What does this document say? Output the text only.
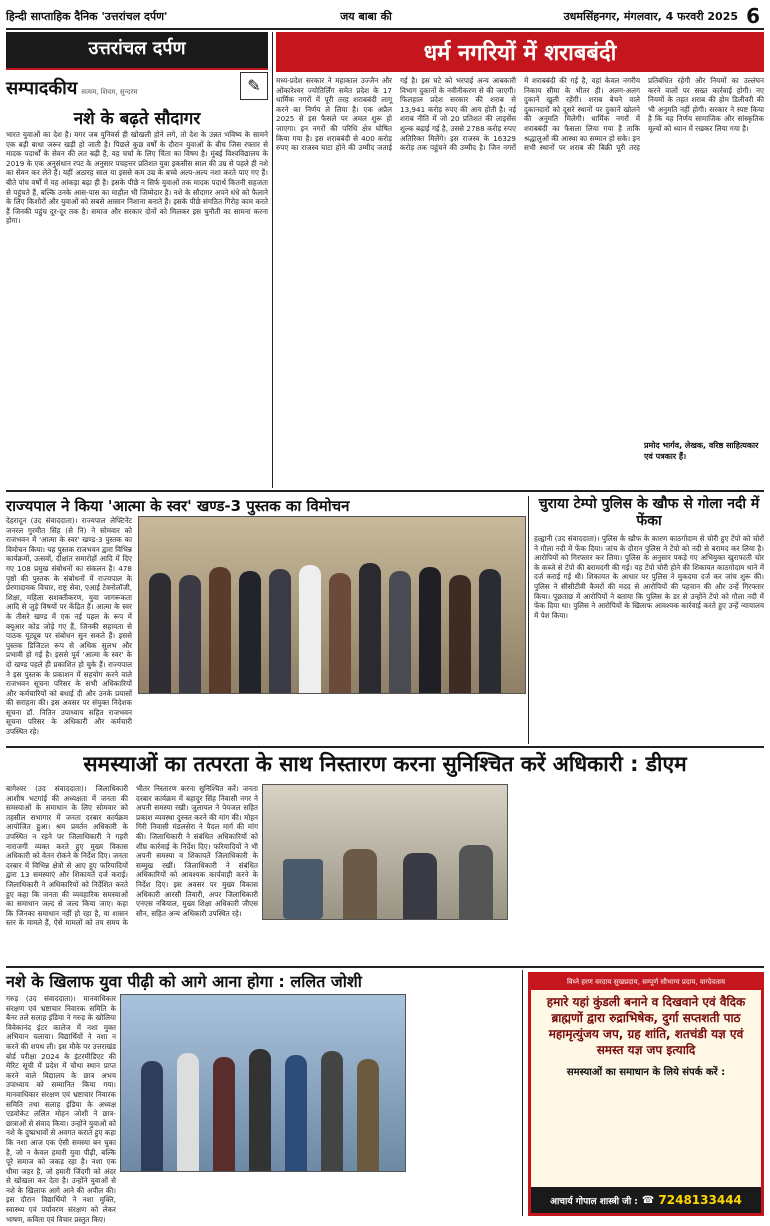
हिन्दी साप्ताहिक दैनिक 'उत्तरांचल दर्पण'	जय बाबा की	उधमसिंहनगर, मंगलवार, 4 फरवरी 2025 6
उत्तरांचल दर्पण
सम्पादकीय सत्यम, शिवम, सुन्दरम	✎
नशे के बढ़ते सौदागर
भारत युवाओं का देश है। मगर जब युनिवर्स ही खोखली होने लगे, तो देश के उन्नत भविष्य के सामने एक बड़ी बाधा जरूर खड़ी हो जाती है। पिछले कुछ वर्षों के दौरान युवाओं के बीच जिस रफ्तार से मादक पदार्थों के सेवन की लत बढ़ी है, वह चर्चा के लिए चिंता का विषय है। मुंबई विश्वविद्यालय के 2019 के एक अनुसंधान रपट के अनुसार पचहत्तर प्रतिशत युवा इकसीस साल की उम्र से पहले ही नशे का सेवन कर लेते हैं। यहीं अठारह साल या इससे कम उम्र के बच्चे अल्प-अल्प नशा करते पाए गए हैं। बीते पांच वर्षों में यह आंकड़ा बढ़ा ही है। इसके पीछे न सिर्फ युवाओं तक मादक पदार्थ कितनी सहजता से पहुंचते हैं, बल्कि उनके आस-पास का माहौल भी जिम्मेदार है। नशे के सौदागर अपने धंधे को फैलाने के लिए किशोरों और युवाओं को सबसे आसान निशाना बनाते हैं। इसके पीछे संगठित गिरोह काम करते हैं जिनकी पहुंच दूर-दूर तक है। समाज और सरकार दोनों को मिलकर इस चुनौती का सामना करना होगा।
धर्म नगरियों में शराबबंदी
मध्य-प्रदेश सरकार ने महाकाल उज्जैन और ओंकारेश्वर ज्योतिर्लिंग समेत प्रदेश के 17 धार्मिक नगरों में पूरी तरह शराबबंदी लागू करने का निर्णय ले लिया है। एक अप्रैल 2025 से इस फैसले पर अमल शुरू हो जाएगा। इन नगरों की परिधि क्षेत्र घोषित किया गया है। इस शराबबंदी से 400 करोड़ रुपए का राजस्व घाटा होने की उम्मीद जताई गई है। इस घटे को भरपाई अन्य आबकारी विभाग दुकानों के नवीनीकरण से की जाएगी। फिलहाल प्रदेश सरकार की शराब से 13,941 करोड़ रुपए की आय होती है। नई शराब नीति में जो 20 प्रतिशत की लाइसेंस शुल्क बढ़ाई गई है, उससे 2788 करोड़ रुपए अतिरिक्त मिलेंगे। इस राजस्व के 16329 करोड़ तक पहुंचने की उम्मीद है। जिन नगरों में शराबबंदी की गई है, वहां केवल नगरीय निकाय सीमा के भीतर ही। अलग-अलग दुकानें खुली रहेंगी। शराब बेचने वाले दुकानदारों को दूसरे स्थानों पर दुकानें खोलने की अनुमति मिलेगी। धार्मिक नगरों में शराबबंदी का फैसला लिया गया है ताकि श्रद्धालुओं की आस्था का सम्मान हो सके। इन सभी स्थानों पर शराब की बिक्री पूरी तरह प्रतिबंधित रहेगी और नियमों का उल्लंघन करने वालों पर सख्त कार्रवाई होगी। नए नियमों के तहत शराब की होम डिलीवरी की भी अनुमति नहीं होगी। सरकार ने स्पष्ट किया है कि यह निर्णय सामाजिक और सांस्कृतिक मूल्यों को ध्यान में रखकर लिया गया है।
प्रमोद भार्गव, लेखक, वरिष्ठ साहित्यकार एवं पत्रकार हैं।
राज्यपाल ने किया 'आत्मा के स्वर' खण्ड-3 पुस्तक का विमोचन
देहरादून (उद संवाददाता)। राज्यपाल लेफ्टिनेंट जनरल गुरमीत सिंह (से नि) ने सोमवार को राजभवन में 'आत्मा के स्वर' खण्ड-3 पुस्तक का विमोचन किया। यह पुस्तक राजभवन द्वारा विभिन्न कार्यक्रमों, उत्सवों, दीक्षांत समारोहों आदि में दिए गए 108 प्रमुख संबोधनों का संकलन है। 478 पृष्ठों की पुस्तक के संबोधनों में राज्यपाल के प्रेरणादायक विचार, राष्ट्र सेवा, एआई टेक्नोलॉजी, शिक्षा, महिला सशक्तीकरण, युवा जागरूकता आदि से जुड़े विषयों पर केंद्रित हैं। आत्मा के स्वर के तीसरे खण्ड में एक नई पहल के रूप में क्यूआर कोड जोड़े गए हैं, जिनकी सहायता से पाठक यूट्यूब पर संबोधन सुन सकते हैं। इससे पुस्तक डिजिटल रूप से अधिक सुलभ और प्रभावी हो गई है। इससे पूर्व 'आत्मा के स्वर' के दो खण्ड पहले ही प्रकाशित हो चुके हैं। राज्यपाल ने इस पुस्तक के प्रकाशन में सहयोग करने वाले राजभवन सूचना परिसर के सभी अधिकारियों और कर्मचारियों को बधाई दी और उनके प्रयासों की सराहना की। इस अवसर पर संयुक्त निदेशक सूचना डॉ. नितिन उपाध्याय सहित राजभवन सूचना परिसर के अधिकारी और कर्मचारी उपस्थित रहे।
चुराया टेम्पो पुलिस के खौफ से गोला नदी में फेंका
हल्द्वानी (उद संवाददाता)। पुलिस के खौफ के कारण काठगोदाम से चोरी हुए टेंपो को चोरों ने गौला नदी में फेंक दिया। जांच के दौरान पुलिस ने टेंपो को नदी से बरामद कर लिया है। आरोपियों को गिरफ्तार कर लिया। पुलिस के अनुसार पकड़े गए अभियुक्त खुराफाती चोर के कब्जे से टेंपो की बरामदगी की गई। यह टेंपो चोरी होने की शिकायत काठगोदाम थाने में दर्ज कराई गई थी। शिकायत के आधार पर पुलिस ने मुकदमा दर्ज कर जांच शुरू की। पुलिस ने सीसीटीवी कैमरों की मदद से आरोपियों की पहचान की और उन्हें गिरफ्तार किया। पूछताछ में आरोपियों ने बताया कि पुलिस के डर से उन्होंने टेंपो को गौला नदी में फेंक दिया था। पुलिस ने आरोपियों के खिलाफ आवश्यक कार्रवाई करते हुए उन्हें न्यायालय में पेश किया।
समस्याओं का तत्परता के साथ निस्तारण करना सुनिश्चित करें अधिकारी : डीएम
बागेश्वर (उद संवाददाता)। जिलाधिकारी आशीष भटगांई की अध्यक्षता में जनता की समस्याओं के समाधान के लिए सोमवार को तहसील सभागार में जनता दरबार कार्यक्रम आयोजित हुआ। श्रम प्रवर्तन अधिकारी के उपस्थित न रहने पर जिलाधिकारी ने गहरी नाराजगी व्यक्त करते हुए मुख्य विकास अधिकारी को वेतन रोकने के निर्देश दिए। जनता दरबार में विभिन्न क्षेत्रों से आए हुए फरियादियों द्वारा 13 समस्याएं और शिकायतें दर्ज कराई। जिलाधिकारी ने अधिकारियों को निर्देशित करते हुए कहा कि जनता की व्यवहारिक समस्याओं का समाधान जल्द से जल्द किया जाए। कहा कि जिनका समाधान नहीं हो रहा है, या शासन स्तर के मामले हैं, ऐसे मामलों को तय समय के भीतर निस्तारण करना सुनिश्चित करें। जनता दरबार कार्यक्रम में बहादुर सिंह निवासी नगर ने अपनी समस्या रखी। जुलायल ने पेयजल सहित प्रकाश व्यवस्था दुरुस्त करने की मांग की। मोहन गिरी निवासी मंडलसेरा ने पैदल मार्ग की मांग की। जिलाधिकारी ने संबंधित अधिकारियों को शीघ्र कार्रवाई के निर्देश दिए। फरियादियों ने भी अपनी समस्या व शिकायतें जिलाधिकारी के सम्मुख रखीं। जिलाधिकारी ने संबंधित अधिकारियों को आवश्यक कार्यवाही करने के निर्देश दिए। इस अवसर पर मुख्य विकास अधिकारी आरसी तिवारी, अपर जिलाधिकारी एनएस नबियाल, मुख्य शिक्षा अधिकारी जीएस सौन, सहित अन्य अधिकारी उपस्थित रहे।
नशे के खिलाफ युवा पीढ़ी को आगे आना होगा : ललित जोशी
गरुड़ (उद संवाददाता)। मानवाधिकार संरक्षण एवं भ्रष्टाचार निवारक समिति के बैनर तले सलाह इंडिया ने गरुड़ के खोलिया विवेकानंद इंटर कालेज में नशा मुक्त अभियान चलाया। विद्यार्थियों ने नशा न करने की शपथ ली। इस मौके पर उत्तराखंड बोर्ड परीक्षा 2024 के इंटरमीडिएट की मेरिट सूची में प्रदेश में चौथा स्थान प्राप्त करने वाले विद्यालय के छात्र अभय उपाध्याय को सम्मानित किया गया। मानवाधिकार संरक्षण एवं भ्रष्टाचार निवारक समिति तथा सलाह इंडिया के अध्यक्ष एडवोकेट ललित मोहन जोशी ने छात्र-छात्राओं से संवाद किया। उन्होंने युवाओं को नशे के दुष्प्रभावों से अवगत कराते हुए कहा कि नशा आज एक ऐसी समस्या बन चुका है, जो न केवल हमारी युवा पीढ़ी, बल्कि पूरे समाज को जकड़ रहा है। नशा एक धीमा जहर है, जो हमारी जिंदगी को अंदर से खोखला कर देता है। उन्होंने युवाओं से नशे के खिलाफ आगे आने की अपील की। इस दौरान विद्यार्थियों ने नशा मुक्ति, स्वास्थ्य एवं पर्यावरण संरक्षण को लेकर भाषण, कविता एवं विचार प्रस्तुत किए।
विघ्ने हरण वरदाय सुखप्रदाय, सम्पूर्ण सौभाग्य प्रदाय, वाग्देवताय
हमारे यहां कुंडली बनाने व दिखवाने एवं वैदिक ब्राह्मणों द्वारा रुद्राभिषेक, दुर्गा सप्तशती पाठ महामृत्युंजय जप, ग्रह शांति, शतचंडी यज्ञ एवं समस्त यज्ञ जप इत्यादि
समस्याओं का समाधान के लिये संपर्क करें :
आचार्य गोपाल शास्त्री जी : ☎ 7248133444
